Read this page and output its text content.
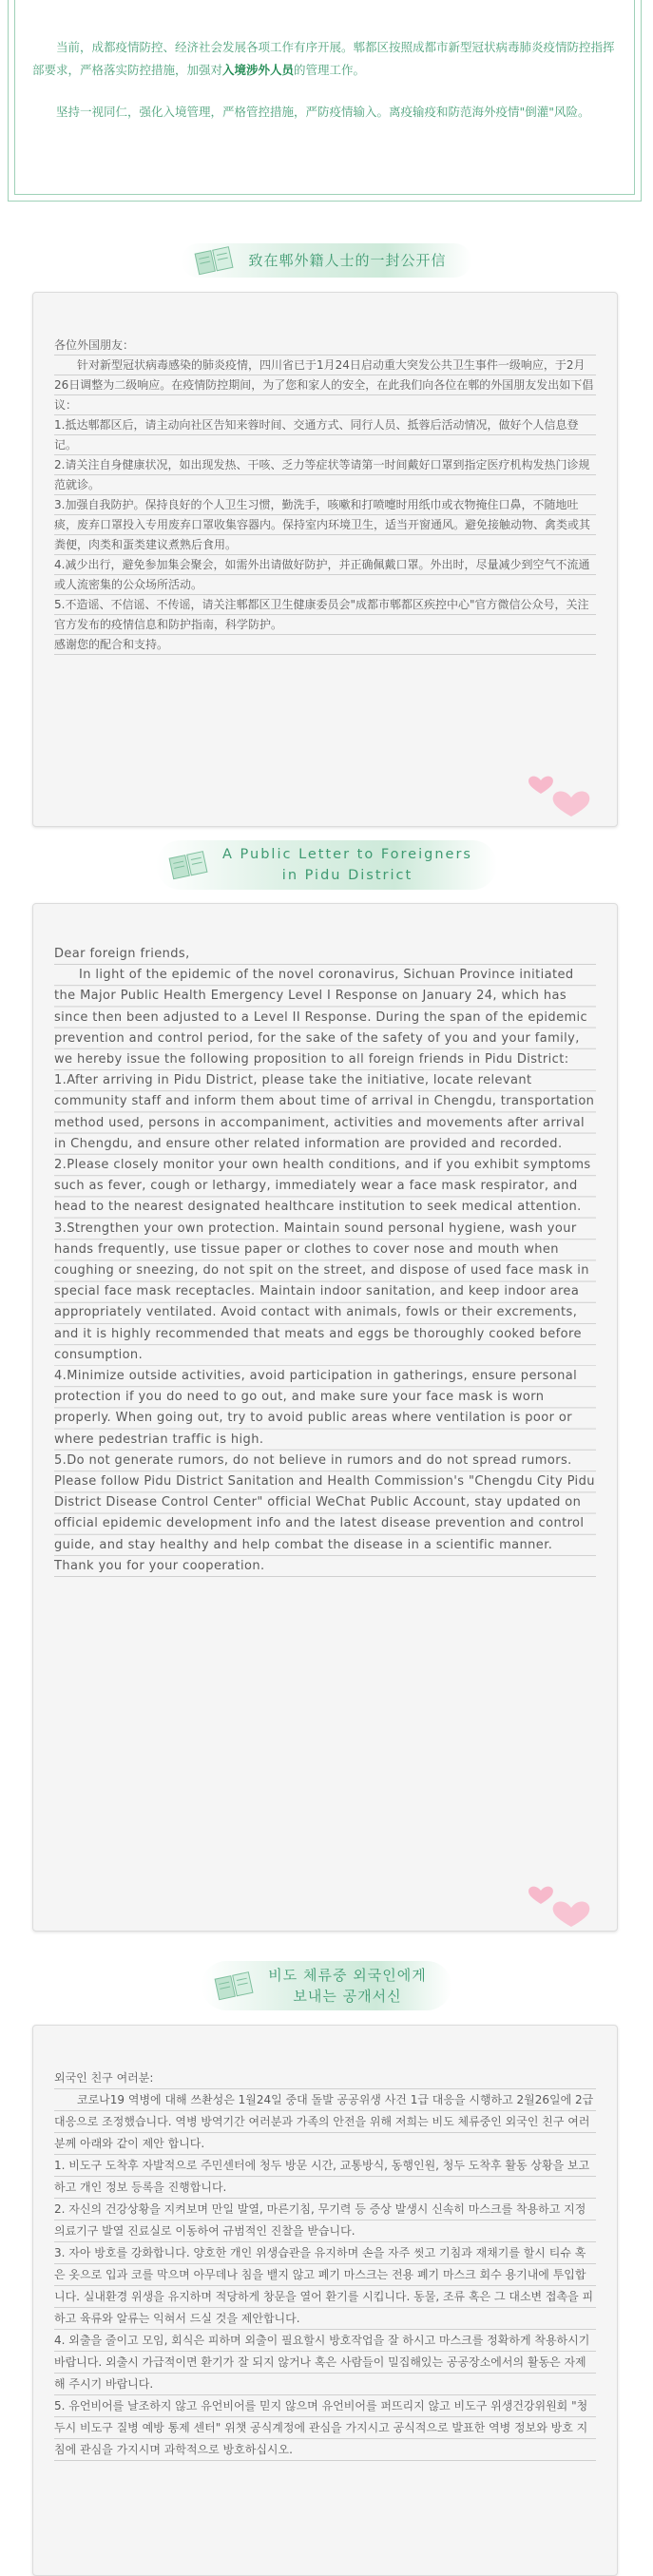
当前，成都疫情防控、经济社会发展各项工作有序开展。郫都区按照成都市新型冠状病毒肺炎疫情防控指挥部要求，严格落实防控措施，加强对入境涉外人员的管理工作。

坚持一视同仁，强化入境管理，严格管控措施，严防疫情输入。离疫输疫和防范海外疫情"倒灌"风险。

致在郫外籍人士的一封公开信

各位外国朋友：

针对新型冠状病毒感染的肺炎疫情，四川省已于1月24日启动重大突发公共卫生事件一级响应，于2月26日调整为二级响应。在疫情防控期间，为了您和家人的安全，在此我们向各位在郫的外国朋友发出如下倡议：

1.抵达郫都区后，请主动向社区告知来蓉时间、交通方式、同行人员、抵蓉后活动情况，做好个人信息登记。

2.请关注自身健康状况，如出现发热、干咳、乏力等症状等请第一时间戴好口罩到指定医疗机构发热门诊规范就诊。

3.加强自我防护。保持良好的个人卫生习惯，勤洗手，咳嗽和打喷嚏时用纸巾或衣物掩住口鼻，不随地吐痰，废弃口罩投入专用废弃口罩收集容器内。保持室内环境卫生，适当开窗通风。避免接触动物、禽类或其粪便，肉类和蛋类建议煮熟后食用。

4.减少出行，避免参加集会聚会，如需外出请做好防护，并正确佩戴口罩。外出时，尽量减少到空气不流通或人流密集的公众场所活动。

5.不造谣、不信谣、不传谣，请关注郫都区卫生健康委员会"成都市郫都区疾控中心"官方微信公众号，关注官方发布的疫情信息和防护指南，科学防护。

感谢您的配合和支持。

A Public Letter to Foreigners
in Pidu District

Dear foreign friends,

In light of the epidemic of the novel coronavirus, Sichuan Province initiated the Major Public Health Emergency Level I Response on January 24, which has since then been adjusted to a Level II Response. During the span of the epidemic prevention and control period, for the sake of the safety of you and your family, we hereby issue the following proposition to all foreign friends in Pidu District:

1.After arriving in Pidu District, please take the initiative, locate relevant community staff and inform them about time of arrival in Chengdu, transportation method used, persons in accompaniment, activities and movements after arrival in Chengdu, and ensure other related information are provided and recorded.

2.Please closely monitor your own health conditions, and if you exhibit symptoms such as fever, cough or lethargy, immediately wear a face mask respirator, and head to the nearest designated healthcare institution to seek medical attention.

3.Strengthen your own protection. Maintain sound personal hygiene, wash your hands frequently, use tissue paper or clothes to cover nose and mouth when coughing or sneezing, do not spit on the street, and dispose of used face mask in special face mask receptacles. Maintain indoor sanitation, and keep indoor area appropriately ventilated. Avoid contact with animals, fowls or their excrements, and it is highly recommended that meats and eggs be thoroughly cooked before consumption.

4.Minimize outside activities, avoid participation in gatherings, ensure personal protection if you do need to go out, and make sure your face mask is worn properly. When going out, try to avoid public areas where ventilation is poor or where pedestrian traffic is high.

5.Do not generate rumors, do not believe in rumors and do not spread rumors. Please follow Pidu District Sanitation and Health Commission's "Chengdu City Pidu District Disease Control Center" official WeChat Public Account, stay updated on official epidemic development info and the latest disease prevention and control guide, and stay healthy and help combat the disease in a scientific manner.

Thank you for your cooperation.

비도 체류중 외국인에게
보내는 공개서신

외국인 친구 여러분:

코로나19 역병에 대해 쓰촨성은 1월24일 중대 돌발 공공위생 사건 1급 대응을 시행하고 2월26일에 2급 대응으로 조정했습니다. 역병 방역기간 여러분과 가족의 안전을 위해 저희는 비도 체류중인 외국인 친구 여러분께 아래와 같이 제안 합니다.

1. 비도구 도착후 자발적으로 주민센터에 청두 방문 시간, 교통방식, 동행인원, 청두 도착후 활동 상황을 보고하고 개인 정보 등록을 진행합니다.

2. 자신의 건강상황을 지켜보며 만일 발열, 마른기침, 무기력 등 증상 발생시 신속히 마스크를 착용하고 지정 의료기구 발열 진료실로 이동하여 규범적인 진찰을 받습니다.

3. 자아 방호를 강화합니다. 양호한 개인 위생습관을 유지하며 손을 자주 씻고 기침과 재채기를 할시 티슈 혹은 옷으로 입과 코를 막으며 아무데나 침을 뱉지 않고 폐기 마스크는 전용 폐기 마스크 회수 용기내에 투입합니다. 실내환경 위생을 유지하며 적당하게 창문을 열어 환기를 시킵니다. 동물, 조류 혹은 그 대소변 접촉을 피하고 육류와 알류는 익혀서 드실 것을 제안합니다.

4. 외출을 줄이고 모임, 회식은 피하며 외출이 필요할시 방호작업을 잘 하시고 마스크를 정확하게 착용하시기 바랍니다. 외출시 가급적이면 환기가 잘 되지 않거나 혹은 사람들이 밀집해있는 공공장소에서의 활동은 자제해 주시기 바랍니다.

5. 유언비어를 날조하지 않고 유언비어를 믿지 않으며 유언비어를 퍼뜨리지 않고 비도구 위생건강위원회 "청두시 비도구 질병 예방 통제 센터" 위챗 공식계정에 관심을 가지시고 공식적으로 발표한 역병 정보와 방호 지침에 관심을 가지시며 과학적으로 방호하십시오.
